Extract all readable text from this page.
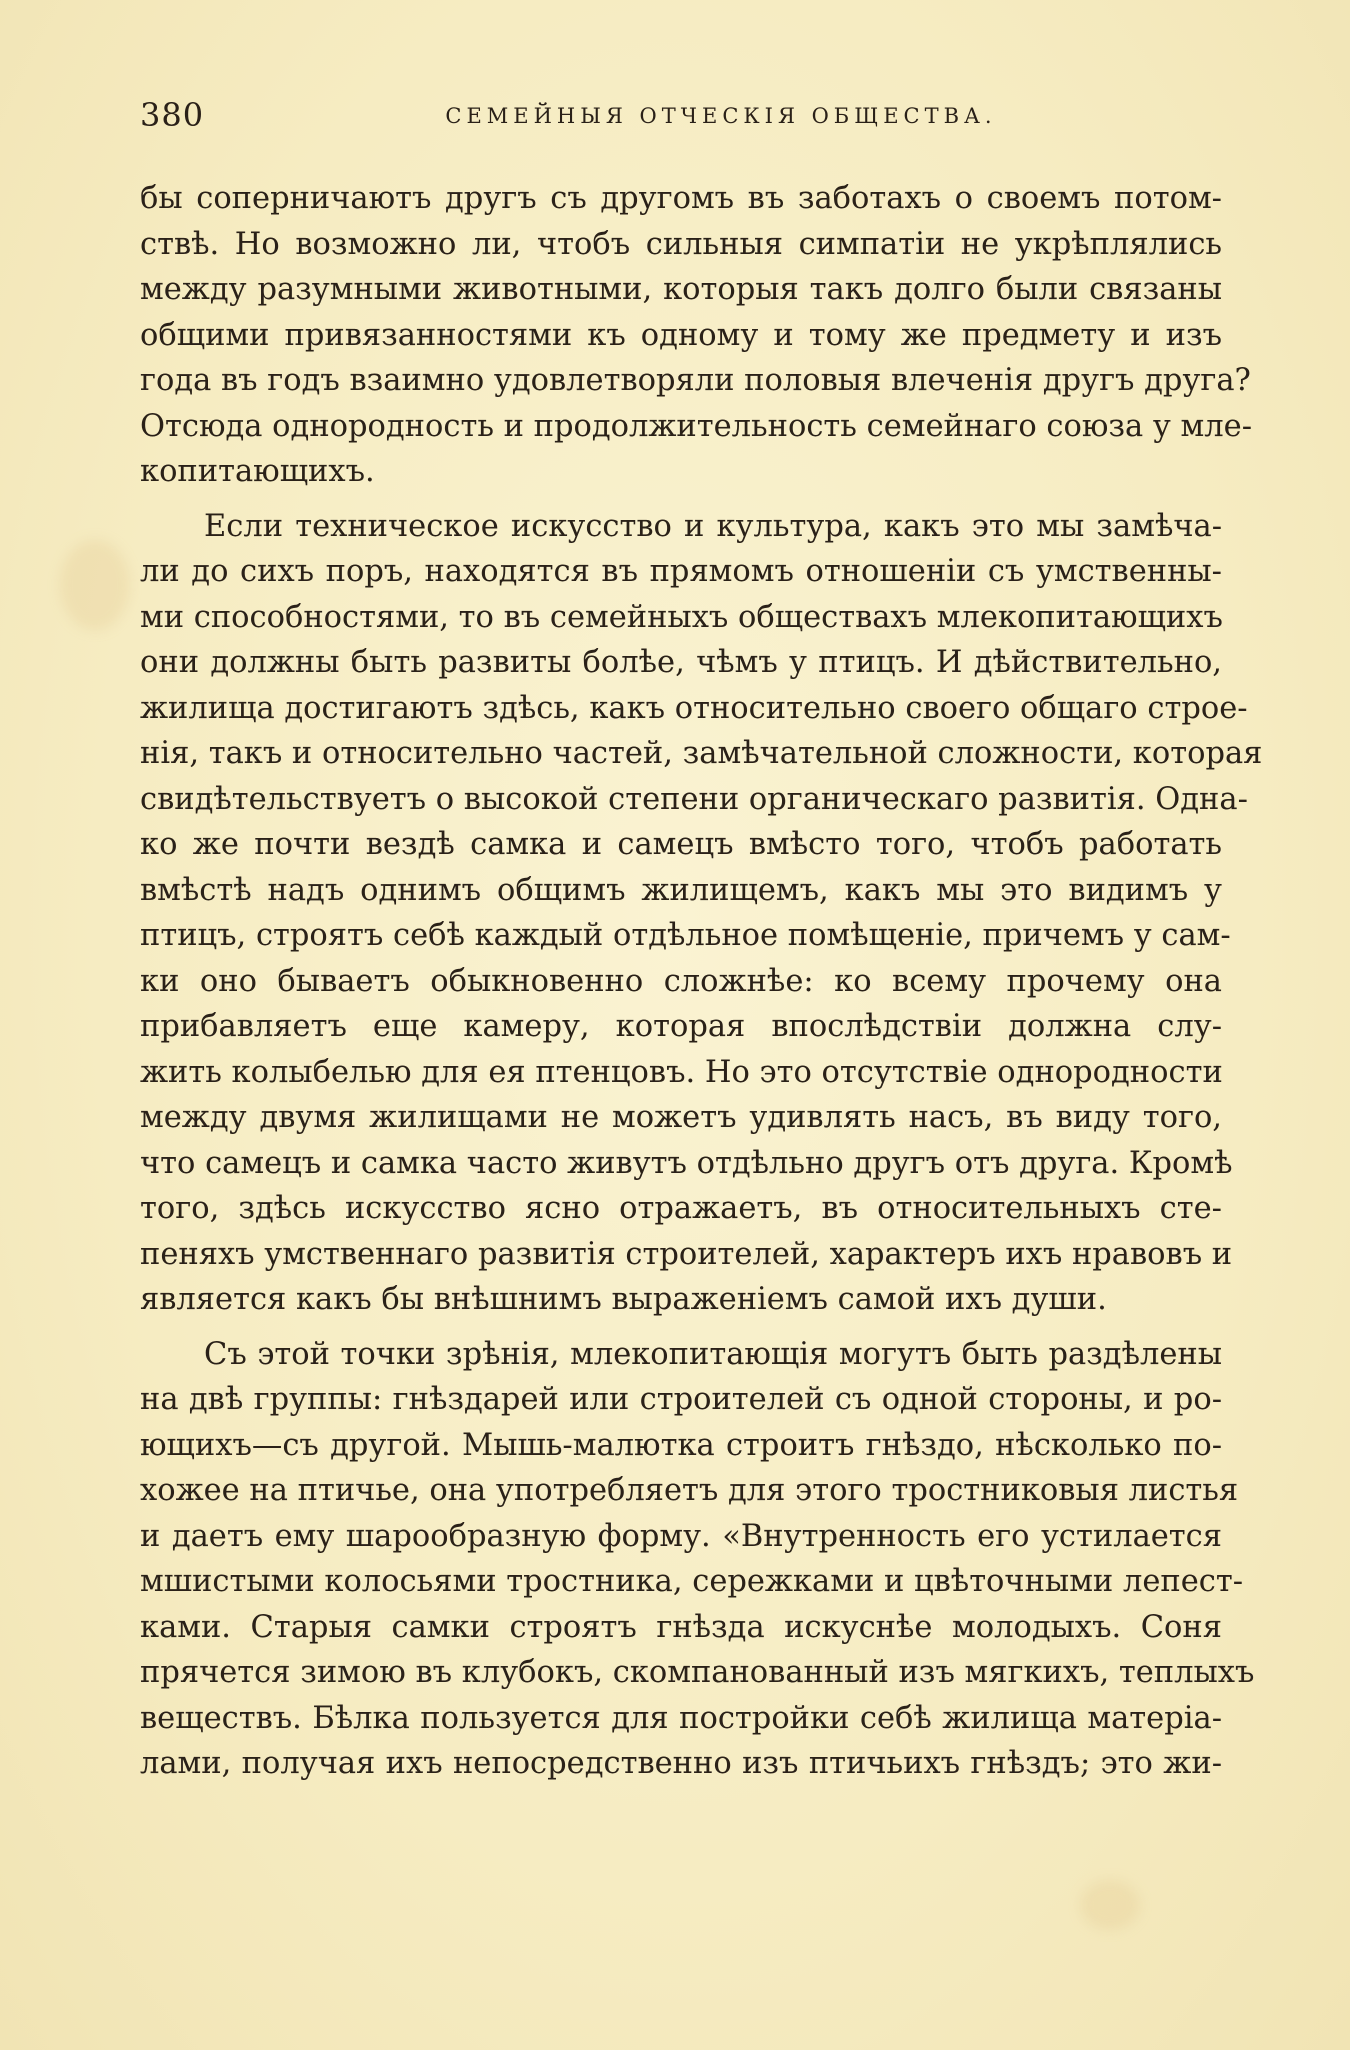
380	СЕМЕЙНЫЯ ОТЧЕСКІЯ ОБЩЕСТВА.
бы соперничаютъ другъ съ другомъ въ заботахъ о своемъ потом-
ствѣ. Но возможно ли, чтобъ сильныя симпатіи не укрѣплялись
между разумными животными, которыя такъ долго были связаны
общими привязанностями къ одному и тому же предмету и изъ
года въ годъ взаимно удовлетворяли половыя влеченія другъ друга?
Отсюда однородность и продолжительность семейнаго союза у мле-
копитающихъ.
Если техническое искусство и культура, какъ это мы замѣча-
ли до сихъ поръ, находятся въ прямомъ отношеніи съ умственны-
ми способностями, то въ семейныхъ обществахъ млекопитающихъ
они должны быть развиты болѣе, чѣмъ у птицъ. И дѣйствительно,
жилища достигаютъ здѣсь, какъ относительно своего общаго строе-
нія, такъ и относительно частей, замѣчательной сложности, которая
свидѣтельствуетъ о высокой степени органическаго развитія. Одна-
ко же почти вездѣ самка и самецъ вмѣсто того, чтобъ работать
вмѣстѣ надъ однимъ общимъ жилищемъ, какъ мы это видимъ у
птицъ, строятъ себѣ каждый отдѣльное помѣщеніе, причемъ у сам-
ки оно бываетъ обыкновенно сложнѣе: ко всему прочему она
прибавляетъ еще камеру, которая впослѣдствіи должна слу-
жить колыбелью для ея птенцовъ. Но это отсутствіе однородности
между двумя жилищами не можетъ удивлять насъ, въ виду того,
что самецъ и самка часто живутъ отдѣльно другъ отъ друга. Кромѣ
того, здѣсь искусство ясно отражаетъ, въ относительныхъ сте-
пеняхъ умственнаго развитія строителей, характеръ ихъ нравовъ и
является какъ бы внѣшнимъ выраженіемъ самой ихъ души.
Съ этой точки зрѣнія, млекопитающія могутъ быть раздѣлены
на двѣ группы: гнѣздарей или строителей съ одной стороны, и ро-
ющихъ—съ другой. Мышь-малютка строитъ гнѣздо, нѣсколько по-
хожее на птичье, она употребляетъ для этого тростниковыя листья
и даетъ ему шарообразную форму. «Внутренность его устилается
мшистыми колосьями тростника, сережками и цвѣточными лепест-
ками. Старыя самки строятъ гнѣзда искуснѣе молодыхъ. Соня
прячется зимою въ клубокъ, скомпанованный изъ мягкихъ, теплыхъ
веществъ. Бѣлка пользуется для постройки себѣ жилища матеріа-
лами, получая ихъ непосредственно изъ птичьихъ гнѣздъ; это жи-
